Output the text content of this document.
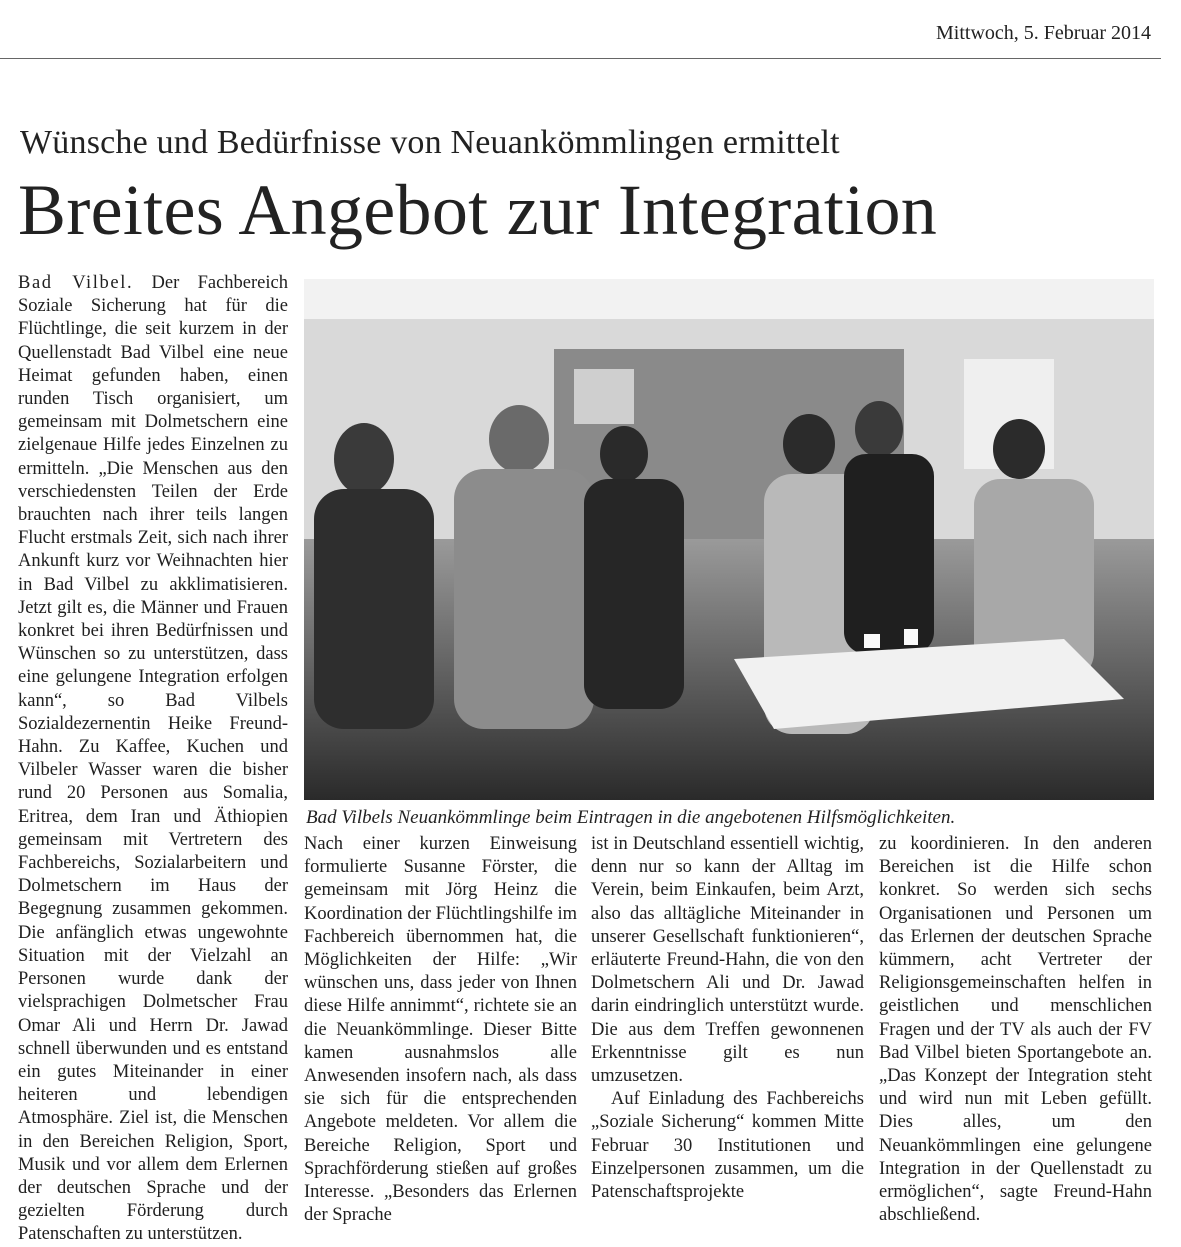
Mittwoch, 5. Februar 2014
Wünsche und Bedürfnisse von Neuankömmlingen ermittelt
Breites Angebot zur Integration

Bad Vilbel. Der Fachbereich Soziale Sicherung hat für die Flüchtlinge, die seit kurzem in der Quellenstadt Bad Vilbel eine neue Heimat gefunden haben, einen runden Tisch organisiert, um gemeinsam mit Dolmetschern eine zielgenaue Hilfe jedes Einzelnen zu ermitteln. „Die Menschen aus den verschiedensten Teilen der Erde brauchten nach ihrer teils langen Flucht erstmals Zeit, sich nach ihrer Ankunft kurz vor Weihnachten hier in Bad Vilbel zu akklimatisieren. Jetzt gilt es, die Männer und Frauen konkret bei ihren Bedürfnissen und Wünschen so zu unterstützen, dass eine gelungene Integration erfolgen kann“, so Bad Vilbels Sozialdezernentin Heike Freund-Hahn. Zu Kaffee, Kuchen und Vilbeler Wasser waren die bisher rund 20 Personen aus Somalia, Eritrea, dem Iran und Äthiopien gemeinsam mit Vertretern des Fachbereichs, Sozialarbeitern und Dolmetschern im Haus der Begegnung zusammen gekommen. Die anfänglich etwas ungewohnte Situation mit der Vielzahl an Personen wurde dank der vielsprachigen Dolmetscher Frau Omar Ali und Herrn Dr. Jawad schnell überwunden und es entstand ein gutes Miteinander in einer heiteren und lebendigen Atmosphäre. Ziel ist, die Menschen in den Bereichen Religion, Sport, Musik und vor allem dem Erlernen der deutschen Sprache und der gezielten Förderung durch Patenschaften zu unterstützen.

Bad Vilbels Neuankömmlinge beim Eintragen in die angebotenen Hilfsmöglichkeiten.

Nach einer kurzen Einweisung formulierte Susanne Förster, die gemeinsam mit Jörg Heinz die Koordination der Flüchtlingshilfe im Fachbereich übernommen hat, die Möglichkeiten der Hilfe: „Wir wünschen uns, dass jeder von Ihnen diese Hilfe annimmt“, richtete sie an die Neuankömmlinge. Dieser Bitte kamen ausnahmslos alle Anwesenden insofern nach, als dass sie sich für die entsprechenden Angebote meldeten. Vor allem die Bereiche Religion, Sport und Sprachförderung stießen auf großes Interesse. „Besonders das Erlernen der Sprache

ist in Deutschland essentiell wichtig, denn nur so kann der Alltag im Verein, beim Einkaufen, beim Arzt, also das alltägliche Miteinander in unserer Gesellschaft funktionieren“, erläuterte Freund-Hahn, die von den Dolmetschern Ali und Dr. Jawad darin eindringlich unterstützt wurde. Die aus dem Treffen gewonnenen Erkenntnisse gilt es nun umzusetzen.

Auf Einladung des Fachbereichs „Soziale Sicherung“ kommen Mitte Februar 30 Institutionen und Einzelpersonen zusammen, um die Patenschaftsprojekte

zu koordinieren. In den anderen Bereichen ist die Hilfe schon konkret. So werden sich sechs Organisationen und Personen um das Erlernen der deutschen Sprache kümmern, acht Vertreter der Religionsgemeinschaften helfen in geistlichen und menschlichen Fragen und der TV als auch der FV Bad Vilbel bieten Sportangebote an. „Das Konzept der Integration steht und wird nun mit Leben gefüllt. Dies alles, um den Neuankömmlingen eine gelungene Integration in der Quellenstadt zu ermöglichen“, sagte Freund-Hahn abschließend.
